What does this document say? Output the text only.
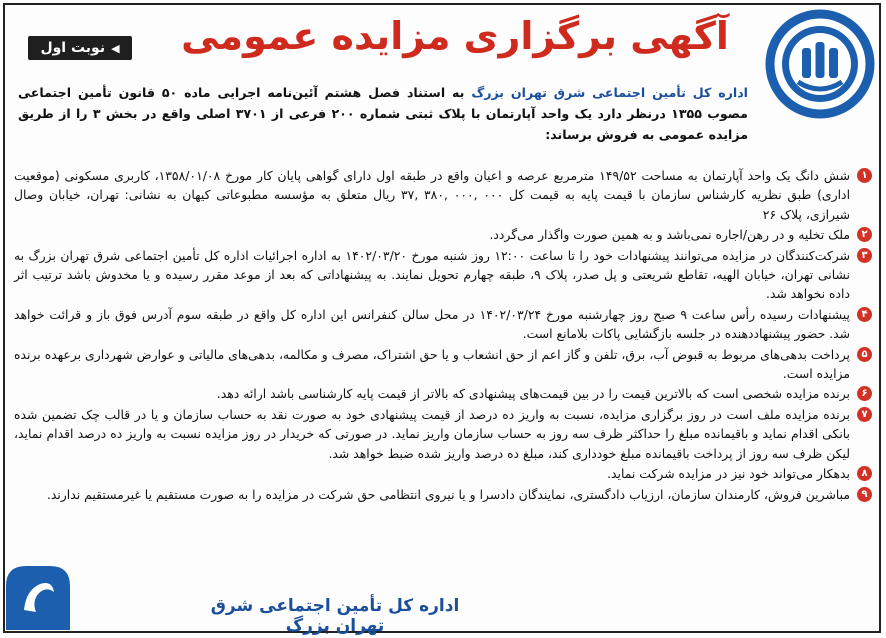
◀
نوبت اول	آگهی برگزاری مزایده عمومی
اداره کل تأمین اجتماعی شرق تهران بزرگ به استناد فصل هشتم آئین‌نامه اجرایی ماده ۵۰ قانون تأمین اجتماعی مصوب ۱۳۵۵ درنظر دارد یک واحد آپارتمان با پلاک ثبتی شماره ۲۰۰ فرعی از ۳۷۰۱ اصلی واقع در بخش ۳ را از طریق مزایده عمومی به فروش برساند:
۱
شش دانگ یک واحد آپارتمان به مساحت ۱۴۹/۵۲ مترمربع عرصه و اعیان واقع در طبقه اول دارای گواهی پایان کار مورخ ۱۳۵۸/۰۱/۰۸، کاربری مسکونی (موقعیت اداری) طبق نظریه کارشناس سازمان با قیمت پایه به قیمت کل ۰۰۰ ,۰۰۰ ,۳۸۰ ,۳۷ ریال متعلق به مؤسسه مطبوعاتی کیهان به نشانی: تهران، خیابان وصال شیرازی، پلاک ۲۶
۲
ملک تخلیه و در رهن/اجاره نمی‌باشد و به همین صورت واگذار می‌گردد.
۳
شرکت‌کنندگان در مزایده می‌توانند پیشنهادات خود را تا ساعت ۱۲:۰۰ روز شنبه مورخ ۱۴۰۲/۰۳/۲۰ به اداره اجرائیات اداره کل تأمین اجتماعی شرق تهران بزرگ به نشانی تهران، خیابان الهیه، تقاطع شریعتی و پل صدر، پلاک ۹، طبقه چهارم تحویل نمایند. به پیشنهاداتی که بعد از موعد مقرر رسیده و یا مخدوش باشد ترتیب اثر داده نخواهد شد.
۴
پیشنهادات رسیده رأس ساعت ۹ صبح روز چهارشنبه مورخ ۱۴۰۲/۰۳/۲۴ در محل سالن کنفرانس این اداره کل واقع در طبقه سوم آدرس فوق باز و قرائت خواهد شد. حضور پیشنهاددهنده در جلسه بازگشایی پاکات بلامانع است.
۵
پرداخت بدهی‌های مربوط به قبوض آب، برق، تلفن و گاز اعم از حق انشعاب و یا حق اشتراک، مصرف و مکالمه، بدهی‌های مالیاتی و عوارض شهرداری برعهده برنده مزایده است.
۶
برنده مزایده شخصی است که بالاترین قیمت را در بین قیمت‌های پیشنهادی که بالاتر از قیمت پایه کارشناسی باشد ارائه دهد.
۷
برنده مزایده ملف است در روز برگزاری مزایده، نسبت به واریز ده درصد از قیمت پیشنهادی خود به صورت نقد به حساب سازمان و یا در قالب چک تضمین شده بانکی اقدام نماید و باقیمانده مبلغ را حداکثر ظرف سه روز به حساب سازمان واریز نماید. در صورتی که خریدار در روز مزایده نسبت به واریز ده درصد اقدام نماید، لیکن ظرف سه روز از پرداخت باقیمانده مبلغ خودداری کند، مبلغ ده درصد واریز شده ضبط خواهد شد.
۸
بدهکار می‌تواند خود نیز در مزایده شرکت نماید.
۹
مباشرین فروش، کارمندان سازمان، ارزیاب دادگستری، نمایندگان دادسرا و یا نیروی انتظامی حق شرکت در مزایده را به صورت مستقیم یا غیرمستقیم ندارند.
اداره کل تأمین اجتماعی شرق تهران بزرگ
